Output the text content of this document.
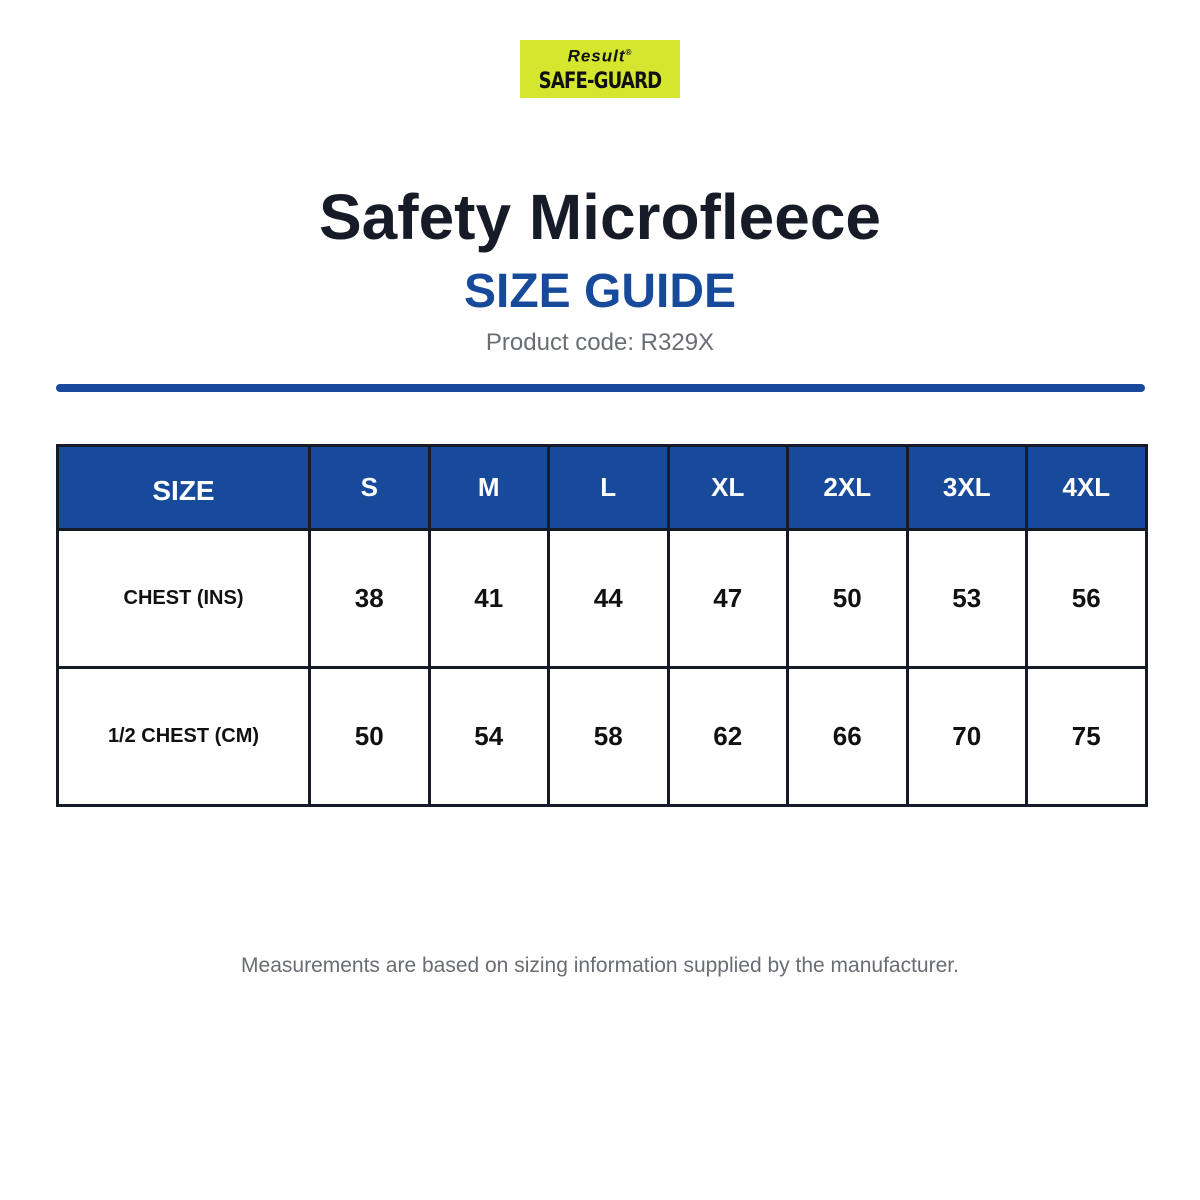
Result®
SAFE-GUARD
Safety Microfleece
SIZE GUIDE
Product code: R329X
SIZE	S	M	L	XL	2XL	3XL	4XL
CHEST (INS)	38	41	44	47	50	53	56
1/2 CHEST (CM)	50	54	58	62	66	70	75
Measurements are based on sizing information supplied by the manufacturer.
